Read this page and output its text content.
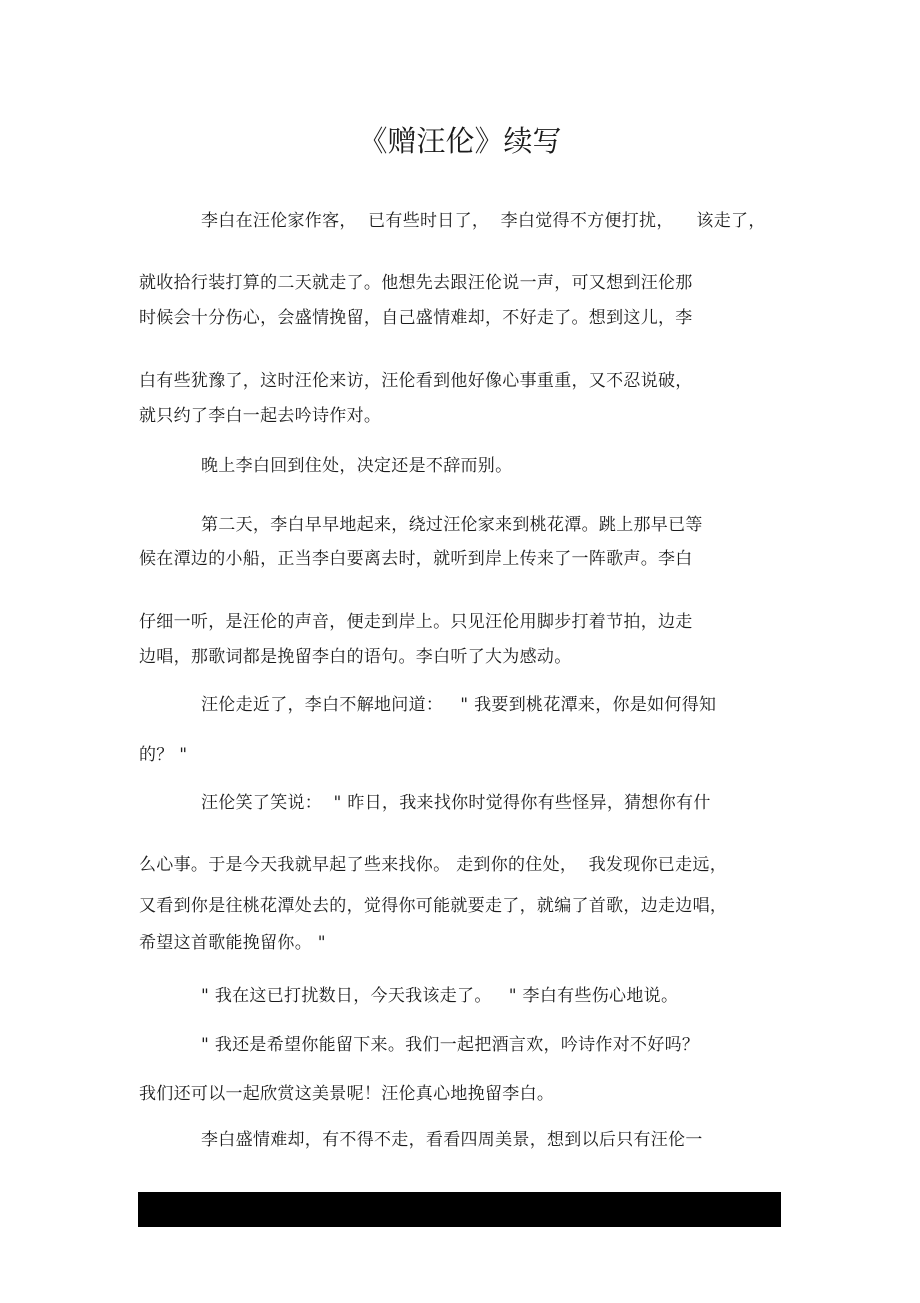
《赠汪伦》续写
李白在汪伦家作客，  已有些时日了，  李白觉得不方便打扰，    该走了，
就收拾行装打算的二天就走了。他想先去跟汪伦说一声，可又想到汪伦那
时候会十分伤心，会盛情挽留，自己盛情难却，不好走了。想到这儿，李
白有些犹豫了，这时汪伦来访，汪伦看到他好像心事重重，又不忍说破，
就只约了李白一起去吟诗作对。
晚上李白回到住处，决定还是不辞而别。
第二天，李白早早地起来，绕过汪伦家来到桃花潭。跳上那早已等
候在潭边的小船，正当李白要离去时，就听到岸上传来了一阵歌声。李白
仔细一听，是汪伦的声音，便走到岸上。只见汪伦用脚步打着节拍，边走
边唱，那歌词都是挽留李白的语句。李白听了大为感动。
汪伦走近了，李白不解地问道：   " 我要到桃花潭来，你是如何得知
的？ "
汪伦笑了笑说：  " 昨日，我来找你时觉得你有些怪异，猜想你有什
么心事。于是今天我就早起了些来找你。 走到你的住处，  我发现你已走远，
又看到你是往桃花潭处去的，觉得你可能就要走了，就编了首歌，边走边唱，
希望这首歌能挽留你。 "
" 我在这已打扰数日，今天我该走了。   " 李白有些伤心地说。
" 我还是希望你能留下来。我们一起把酒言欢，吟诗作对不好吗？
我们还可以一起欣赏这美景呢！汪伦真心地挽留李白。
李白盛情难却，有不得不走，看看四周美景，想到以后只有汪伦一
